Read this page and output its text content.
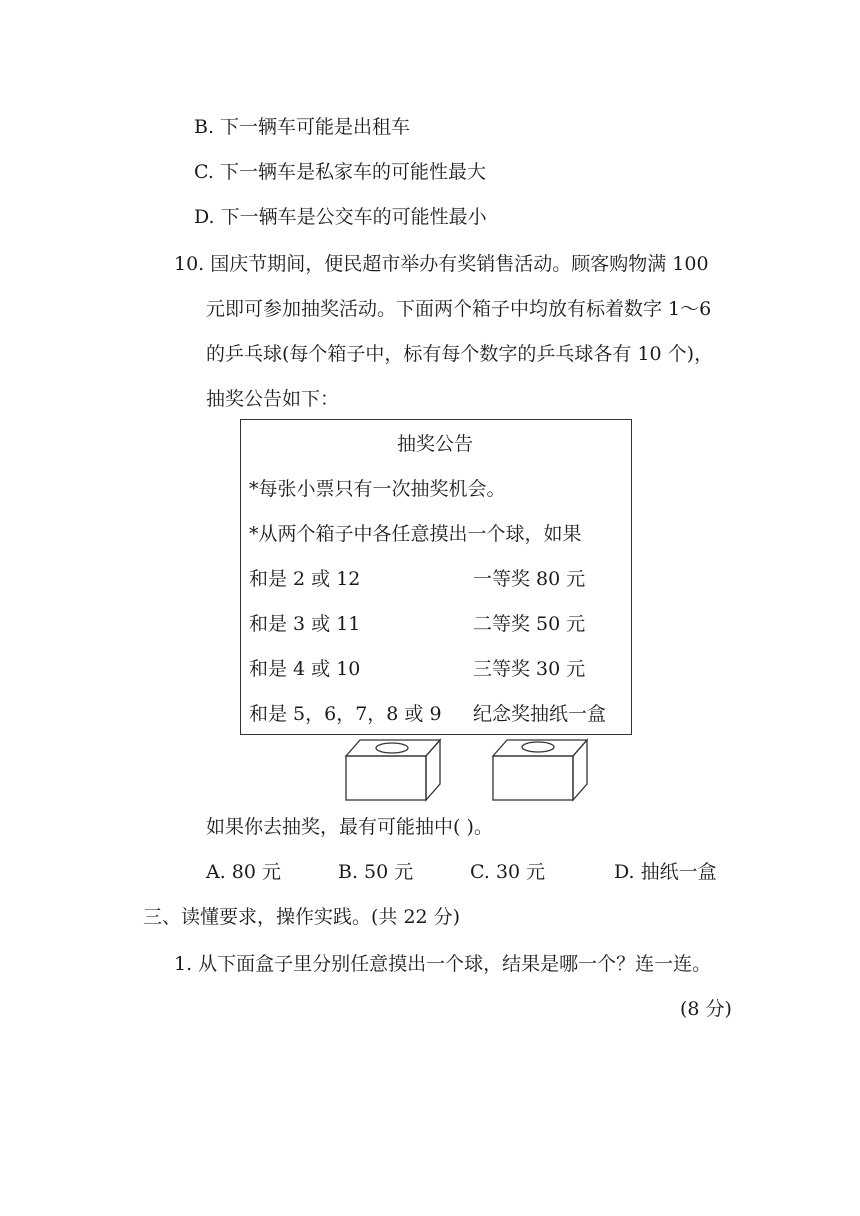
B. 下一辆车可能是出租车
C. 下一辆车是私家车的可能性最大
D. 下一辆车是公交车的可能性最小
10. 国庆节期间，便民超市举办有奖销售活动。顾客购物满 100
元即可参加抽奖活动。下面两个箱子中均放有标着数字 1～6
的乒乓球(每个箱子中，标有每个数字的乒乓球各有 10 个)，
抽奖公告如下：
抽奖公告
*每张小票只有一次抽奖机会。
*从两个箱子中各任意摸出一个球，如果
和是 2 或 12	一等奖 80 元
和是 3 或 11	二等奖 50 元
和是 4 或 10	三等奖 30 元
和是 5，6，7，8 或 9 纪念奖抽纸一盒
如果你去抽奖，最有可能抽中( )。
A. 80 元	B. 50 元	C. 30 元	D. 抽纸一盒
三、读懂要求，操作实践。(共 22 分)
1. 从下面盒子里分别任意摸出一个球，结果是哪一个？连一连。
(8 分)
